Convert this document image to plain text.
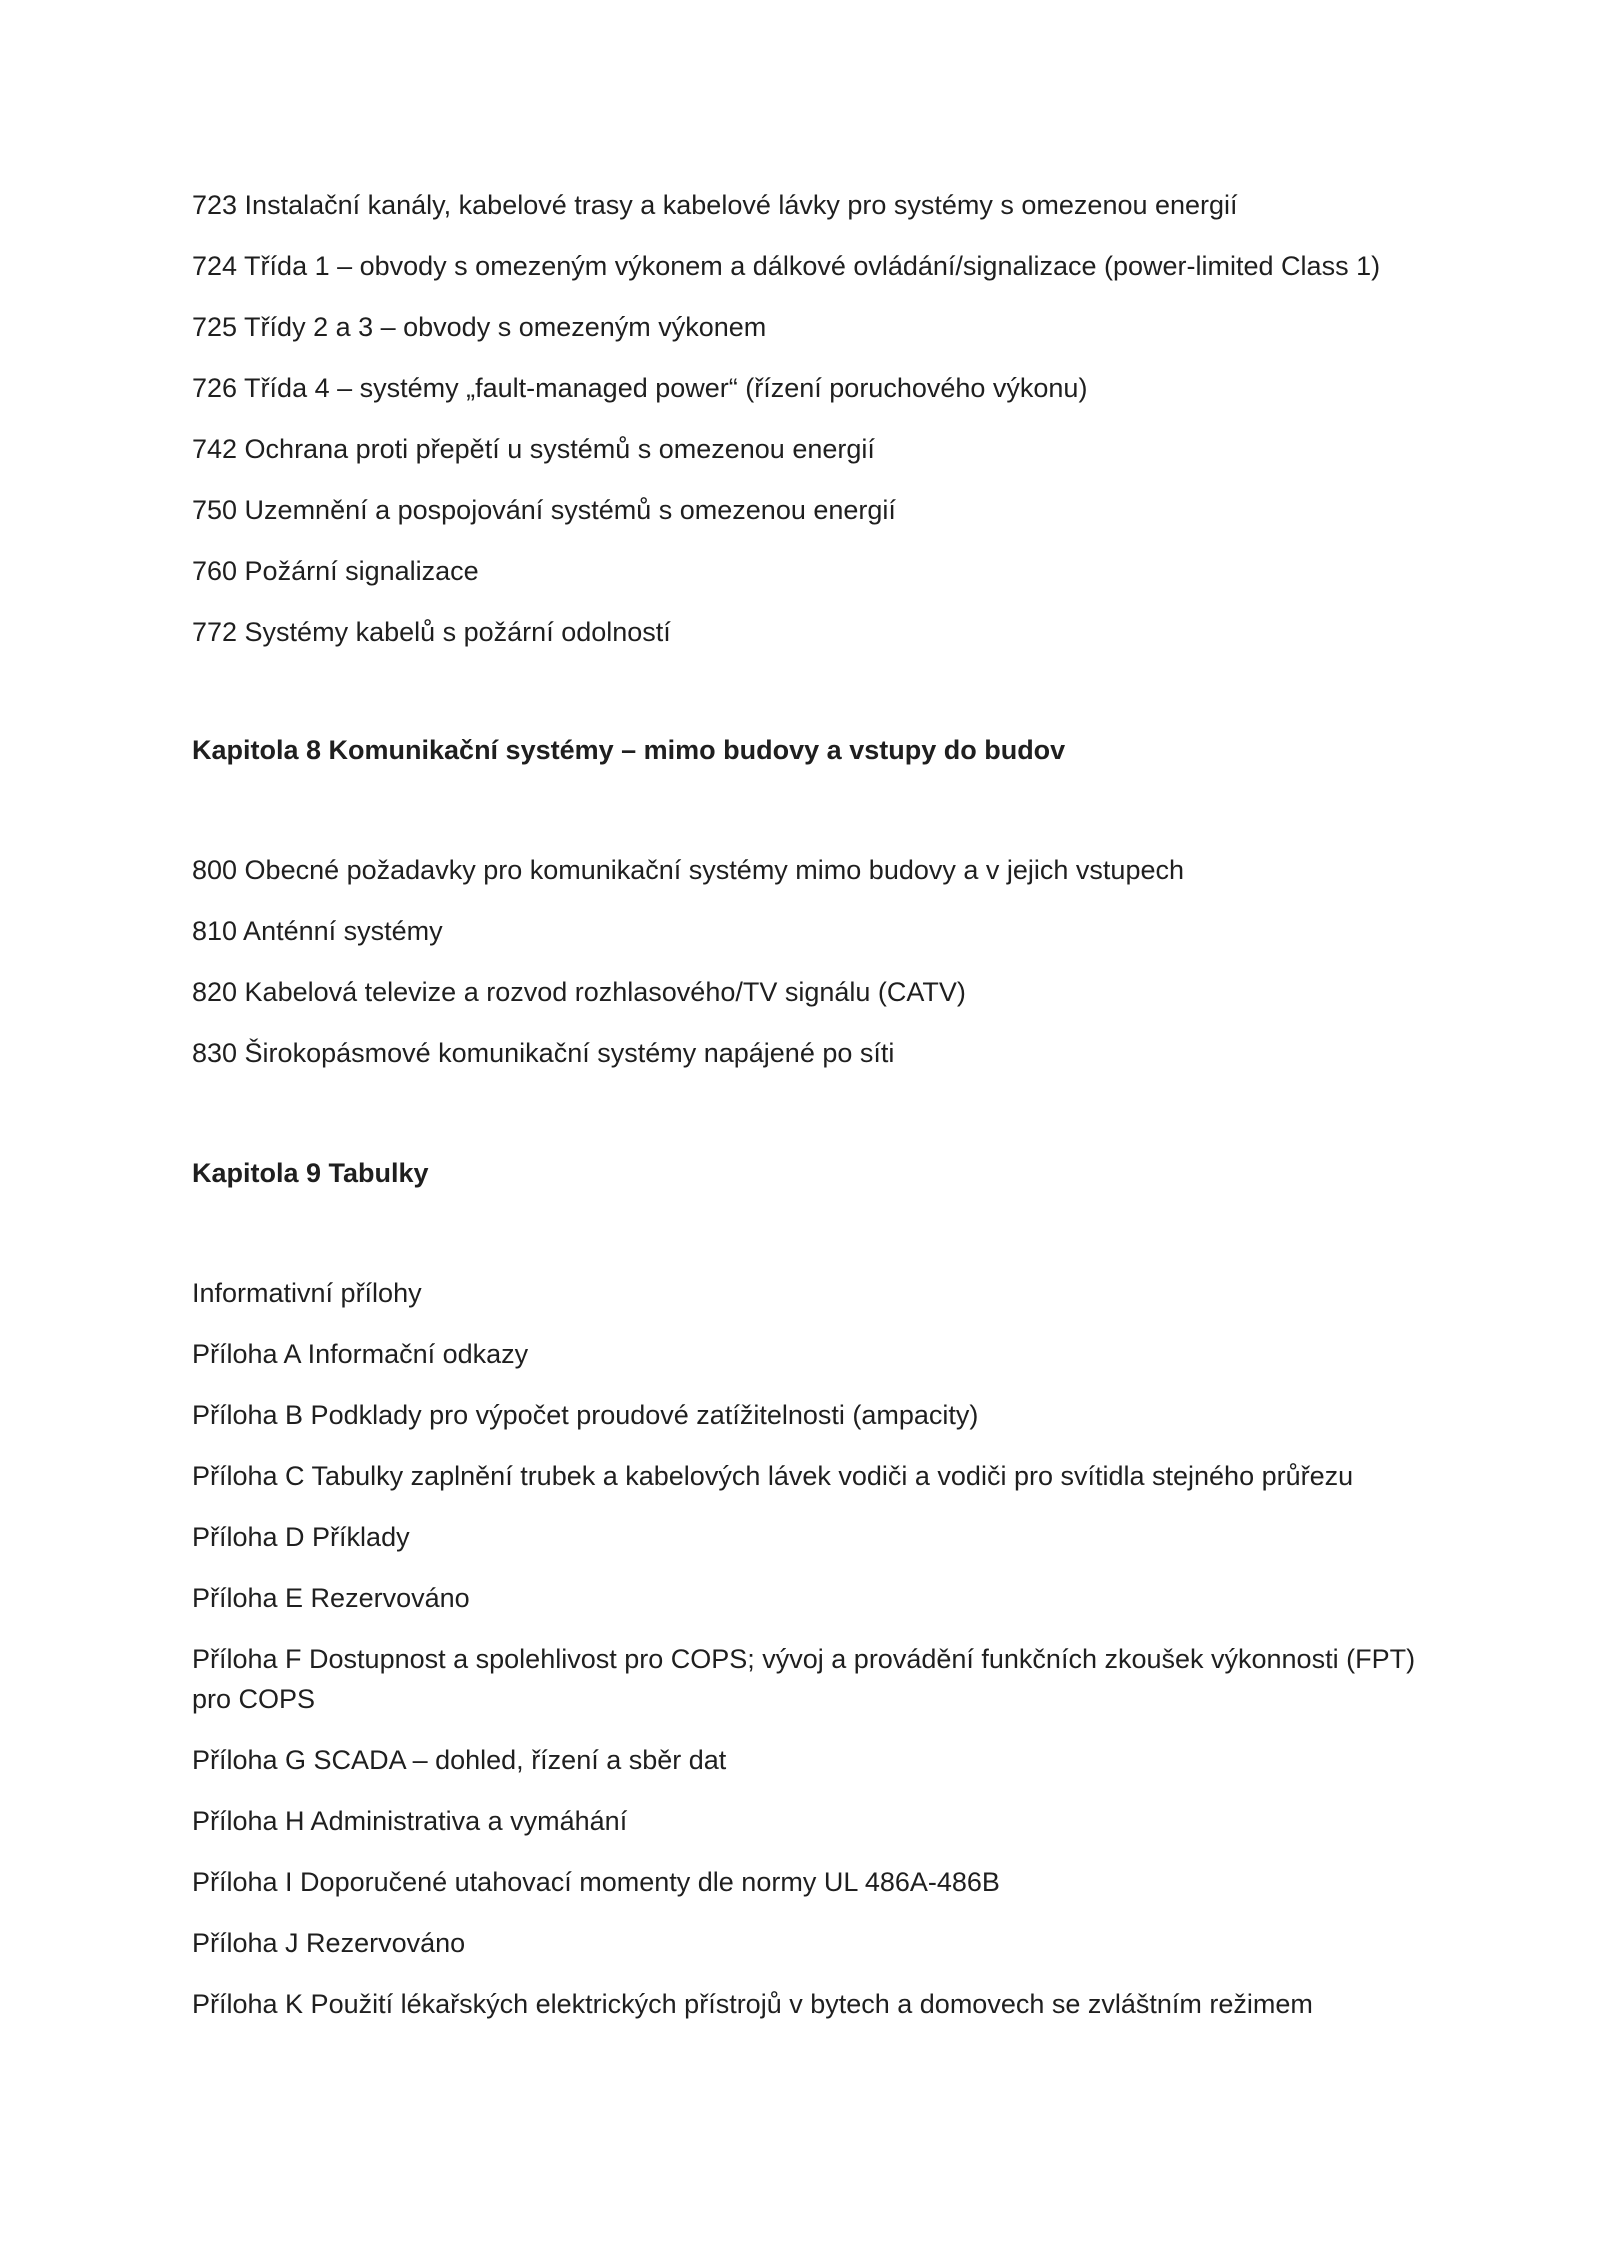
723 Instalační kanály, kabelové trasy a kabelové lávky pro systémy s omezenou energií
724 Třída 1 – obvody s omezeným výkonem a dálkové ovládání/signalizace (power-limited Class 1)
725 Třídy 2 a 3 – obvody s omezeným výkonem
726 Třída 4 – systémy „fault-managed power“ (řízení poruchového výkonu)
742 Ochrana proti přepětí u systémů s omezenou energií
750 Uzemnění a pospojování systémů s omezenou energií
760 Požární signalizace
772 Systémy kabelů s požární odolností
Kapitola 8 Komunikační systémy – mimo budovy a vstupy do budov
800 Obecné požadavky pro komunikační systémy mimo budovy a v jejich vstupech
810 Anténní systémy
820 Kabelová televize a rozvod rozhlasového/TV signálu (CATV)
830 Širokopásmové komunikační systémy napájené po síti
Kapitola 9 Tabulky
Informativní přílohy
Příloha A Informační odkazy
Příloha B Podklady pro výpočet proudové zatížitelnosti (ampacity)
Příloha C Tabulky zaplnění trubek a kabelových lávek vodiči a vodiči pro svítidla stejného průřezu
Příloha D Příklady
Příloha E Rezervováno
Příloha F Dostupnost a spolehlivost pro COPS; vývoj a provádění funkčních zkoušek výkonnosti (FPT) pro COPS
Příloha G SCADA – dohled, řízení a sběr dat
Příloha H Administrativa a vymáhání
Příloha I Doporučené utahovací momenty dle normy UL 486A-486B
Příloha J Rezervováno
Příloha K Použití lékařských elektrických přístrojů v bytech a domovech se zvláštním režimem
